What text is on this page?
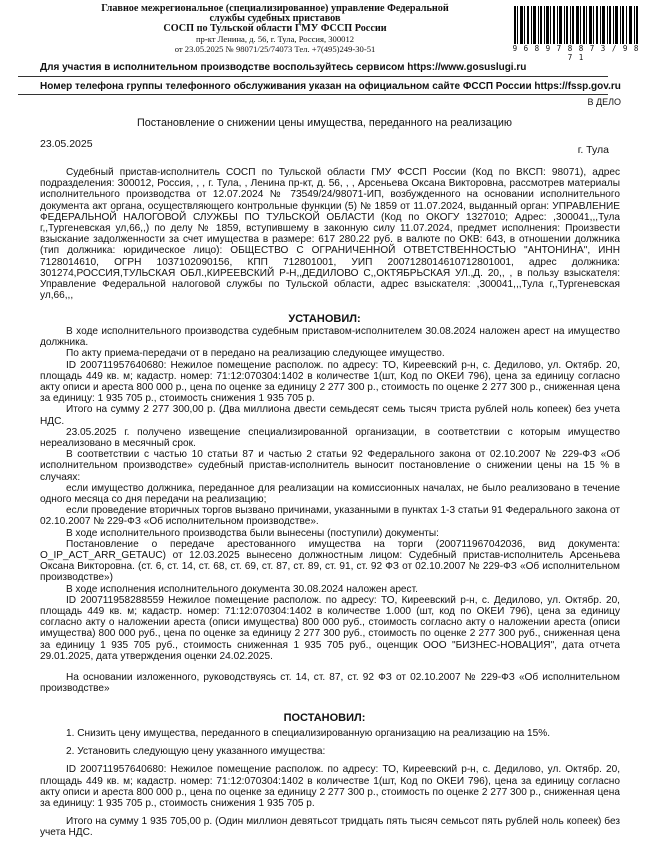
Главное межрегиональное (специализированное) управление Федеральной
службы судебных приставов
СОСП по Тульской области ГМУ ФССП России
пр-кт Ленина, д. 56, г. Тула, Россия, 300012
от 23.05.2025 № 98071/25/74073 Тел. +7(495)249-30-51	9 6 8 9 7 8 8 7 3 / 9 8 7 1
Для участия в исполнительном производстве воспользуйтесь сервисом https://www.gosuslugi.ru
Номер телефона группы телефонного обслуживания указан на официальном сайте ФССП России https://fssp.gov.ru
В ДЕЛО
Постановление о снижении цены имущества, переданного на реализацию
23.05.2025	г. Тула

Судебный пристав-исполнитель СОСП по Тульской области ГМУ ФССП России (Код по ВКСП: 98071), адрес подразделения: 300012, Россия, , , г. Тула, , Ленина пр-кт, д. 56, , , Арсеньева Оксана Викторовна, рассмотрев материалы исполнительного производства от 12.07.2024 № 73549/24/98071-ИП, возбужденного на основании исполнительного документа акт органа, осуществляющего контрольные функции (5) № 1859 от 11.07.2024, выданный орган: УПРАВЛЕНИЕ ФЕДЕРАЛЬНОЙ НАЛОГОВОЙ СЛУЖБЫ ПО ТУЛЬСКОЙ ОБЛАСТИ (Код по ОКОГУ 1327010; Адрес: ,300041,,,Тула г,,Тургеневская ул,66,,) по делу № 1859, вступившему в законную силу 11.07.2024, предмет исполнения: Произвести взыскание задолженности за счет имущества в размере: 617 280.22 руб. в валюте по ОКВ: 643, в отношении должника (тип должника: юридическое лицо): ОБЩЕСТВО С ОГРАНИЧЕННОЙ ОТВЕТСТВЕННОСТЬЮ "АНТОНИНА", ИНН 7128014610, ОГРН 1037102090156, КПП 712801001, УИП 2007128014610712801001, адрес должника: 301274,РОССИЯ,ТУЛЬСКАЯ ОБЛ.,КИРЕЕВСКИЙ Р-Н,,ДЕДИЛОВО С,,ОКТЯБРЬСКАЯ УЛ.,Д. 20,, , в пользу взыскателя: Управление Федеральной налоговой службы по Тульской области, адрес взыскателя: ,300041,,,Тула г,,Тургеневская ул,66,,,

УСТАНОВИЛ:

В ходе исполнительного производства судебным приставом-исполнителем 30.08.2024 наложен арест на имущество должника.

По акту приема-передачи от в передано на реализацию следующее имущество.

ID 200711957640680: Нежилое помещение располож. по адресу: ТО, Киреевский р-н, с. Дедилово, ул. Октябр. 20, площадь 449 кв. м; кадастр. номер: 71:12:070304:1402 в количестве 1(шт, Код по ОКЕИ 796), цена за единицу согласно акту описи и ареста 800 000 р., цена по оценке за единицу 2 277 300 р., стоимость по оценке 2 277 300 р., сниженная цена за единицу: 1 935 705 р., стоимость снижения 1 935 705 р.

Итого на сумму 2 277 300,00 р. (Два миллиона двести семьдесят семь тысяч триста рублей ноль копеек) без учета НДС.

23.05.2025 г. получено извещение специализированной организации, в соответствии с которым имущество нереализовано в месячный срок.

В соответствии с частью 10 статьи 87 и частью 2 статьи 92 Федерального закона от 02.10.2007 № 229-ФЗ «Об исполнительном производстве» судебный пристав-исполнитель выносит постановление о снижении цены на 15 % в случаях:

если имущество должника, переданное для реализации на комиссионных началах, не было реализовано в течение одного месяца со дня передачи на реализацию;

если проведение вторичных торгов вызвано причинами, указанными в пунктах 1-3 статьи 91 Федерального закона от 02.10.2007 № 229-ФЗ «Об исполнительном производстве».

В ходе исполнительного производства были вынесены (поступили) документы:

Постановление о передаче арестованного имущества на торги (200711967042036, вид документа: O_IP_ACT_ARR_GETAUC) от 12.03.2025 вынесено должностным лицом: Судебный пристав-исполнитель Арсеньева Оксана Викторовна. (ст. 6, ст. 14, ст. 68, ст. 69, ст. 87, ст. 89, ст. 91, ст. 92 ФЗ от 02.10.2007 № 229-ФЗ «Об исполнительном производстве»)

В ходе исполнения исполнительного документа 30.08.2024 наложен арест.

ID 200711958288559 Нежилое помещение располож. по адресу: ТО, Киреевский р-н, с. Дедилово, ул. Октябр. 20, площадь 449 кв. м; кадастр. номер: 71:12:070304:1402 в количестве 1.000 (шт, код по ОКЕИ 796), цена за единицу согласно акту о наложении ареста (описи имущества) 800 000 руб., стоимость согласно акту о наложении ареста (описи имущества) 800 000 руб., цена по оценке за единицу 2 277 300 руб., стоимость по оценке 2 277 300 руб., сниженная цена за единицу 1 935 705 руб., стоимость сниженная 1 935 705 руб., оценщик ООО "БИЗНЕС-НОВАЦИЯ", дата отчета 29.01.2025, дата утверждения оценки 24.02.2025.

На основании изложенного, руководствуясь ст. 14, ст. 87, ст. 92 ФЗ от 02.10.2007 № 229-ФЗ «Об исполнительном производстве»

ПОСТАНОВИЛ:

1. Снизить цену имущества, переданного в специализированную организацию на реализацию на 15%.

2. Установить следующую цену указанного имущества:

ID 200711957640680: Нежилое помещение располож. по адресу: ТО, Киреевский р-н, с. Дедилово, ул. Октябр. 20, площадь 449 кв. м; кадастр. номер: 71:12:070304:1402 в количестве 1(шт, Код по ОКЕИ 796), цена за единицу согласно акту описи и ареста 800 000 р., цена по оценке за единицу 2 277 300 р., стоимость по оценке 2 277 300 р., сниженная цена за единицу: 1 935 705 р., стоимость снижения 1 935 705 р.

Итого на сумму 1 935 705,00 р. (Один миллион девятьсот тридцать пять тысяч семьсот пять рублей ноль копеек) без учета НДС.
